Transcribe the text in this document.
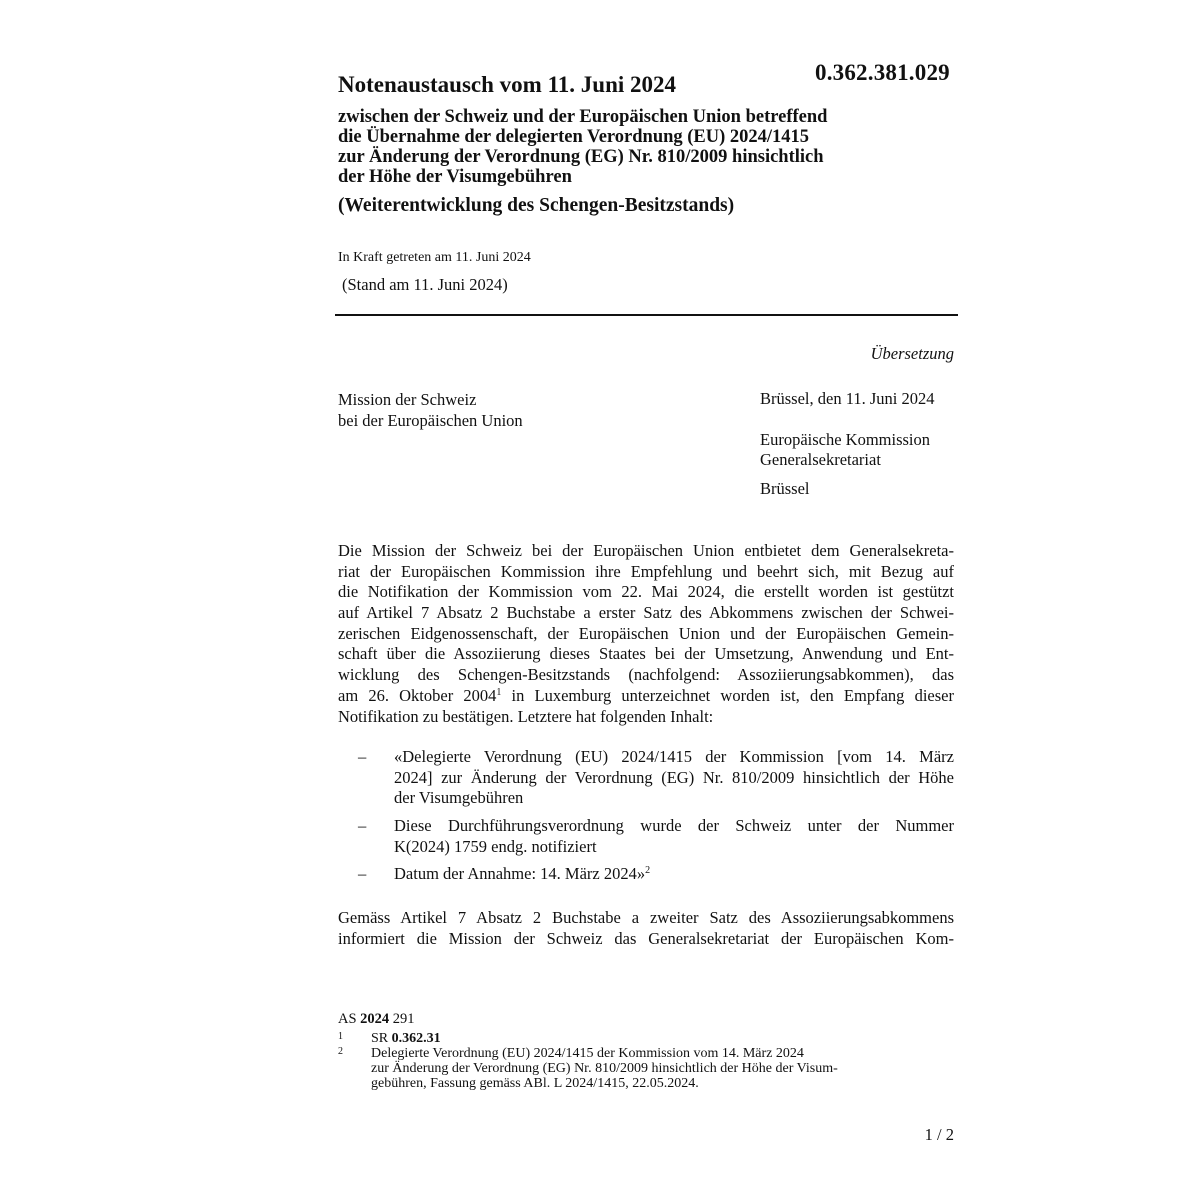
0.362.381.029
Notenaustausch vom 11. Juni 2024
zwischen der Schweiz und der Europäischen Union betreffend
die Übernahme der delegierten Verordnung (EU) 2024/1415
zur Änderung der Verordnung (EG) Nr. 810/2009 hinsichtlich
der Höhe der Visumgebühren
(Weiterentwicklung des Schengen-Besitzstands)
In Kraft getreten am 11. Juni 2024
(Stand am 11. Juni 2024)
Übersetzung
Mission der Schweiz
bei der Europäischen Union
Brüssel, den 11. Juni 2024
Europäische Kommission
Generalsekretariat
Brüssel
Die Mission der Schweiz bei der Europäischen Union entbietet dem Generalsekreta-
riat der Europäischen Kommission ihre Empfehlung und beehrt sich, mit Bezug auf
die Notifikation der Kommission vom 22. Mai 2024, die erstellt worden ist gestützt
auf Artikel 7 Absatz 2 Buchstabe a erster Satz des Abkommens zwischen der Schwei-
zerischen Eidgenossenschaft, der Europäischen Union und der Europäischen Gemein-
schaft über die Assoziierung dieses Staates bei der Umsetzung, Anwendung und Ent-
wicklung des Schengen-Besitzstands (nachfolgend: Assoziierungsabkommen), das
am 26. Oktober 2004$^1$ in Luxemburg unterzeichnet worden ist, den Empfang dieser
Notifikation zu bestätigen. Letztere hat folgenden Inhalt:
– «Delegierte Verordnung (EU) 2024/1415 der Kommission [vom 14. März
2024] zur Änderung der Verordnung (EG) Nr. 810/2009 hinsichtlich der Höhe
der Visumgebühren
– Diese Durchführungsverordnung wurde der Schweiz unter der Nummer
K(2024) 1759 endg. notifiziert
– Datum der Annahme: 14. März 2024»$^2$
Gemäss Artikel 7 Absatz 2 Buchstabe a zweiter Satz des Assoziierungsabkommens
informiert die Mission der Schweiz das Generalsekretariat der Europäischen Kom-
AS 2024 291
1 SR 0.362.31
2 Delegierte Verordnung (EU) 2024/1415 der Kommission vom 14. März 2024
zur Änderung der Verordnung (EG) Nr. 810/2009 hinsichtlich der Höhe der Visum-
gebühren, Fassung gemäss ABl. L 2024/1415, 22.05.2024.
1 / 2
